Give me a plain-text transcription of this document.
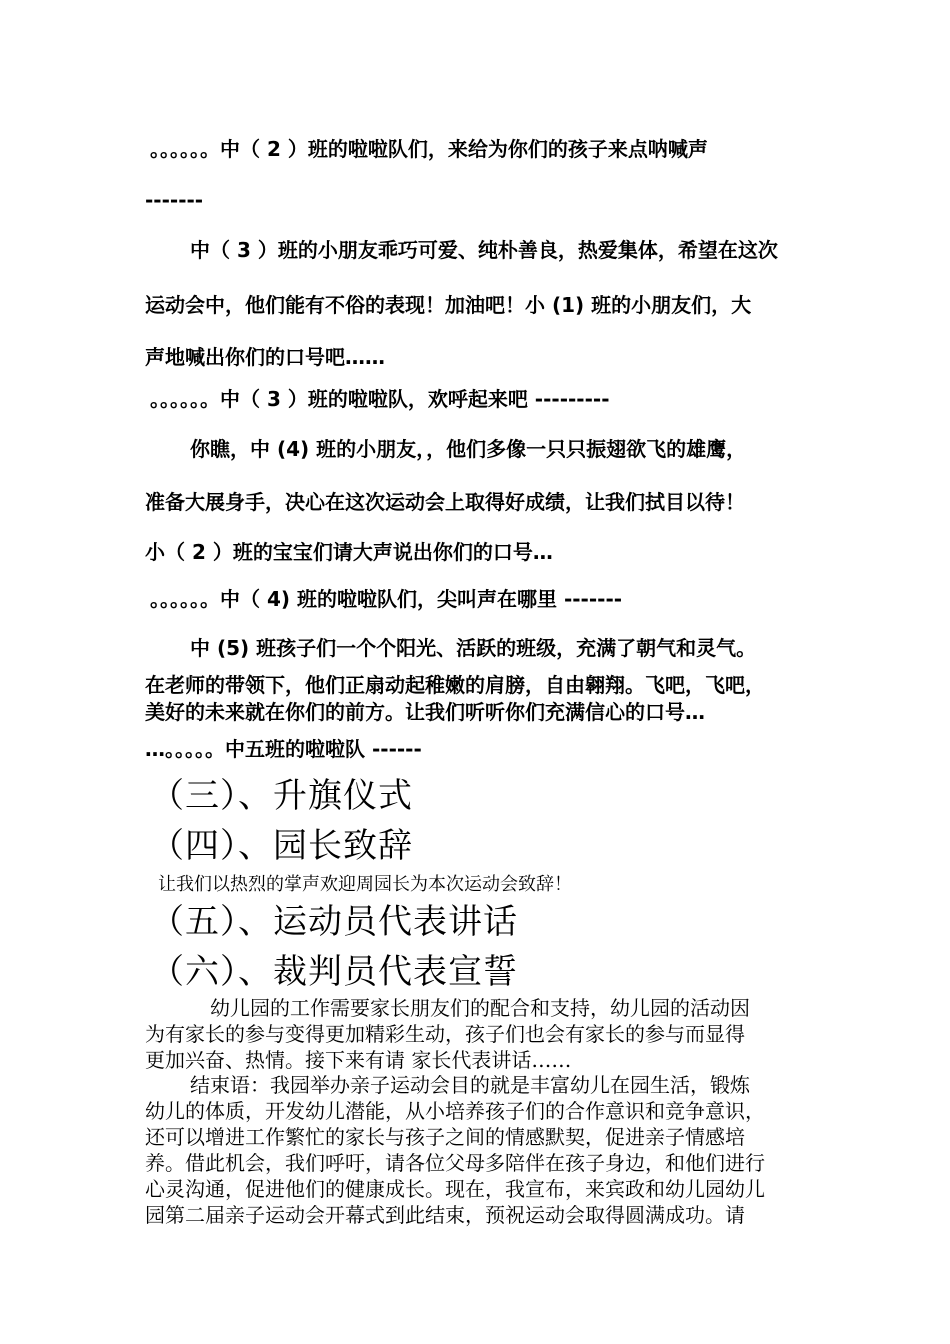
。。。。。。中（ 2 ）班的啦啦队们，来给为你们的孩子来点呐喊声
-------
中（ 3 ）班的小朋友乖巧可爱、纯朴善良，热爱集体，希望在这次
运动会中，他们能有不俗的表现！加油吧！小 (1) 班的小朋友们，大
声地喊出你们的口号吧……
。。。。。。中（ 3 ）班的啦啦队，欢呼起来吧 ---------
你瞧，中 (4) 班的小朋友，，他们多像一只只振翅欲飞的雄鹰，
准备大展身手，决心在这次运动会上取得好成绩，让我们拭目以待！
小（ 2 ）班的宝宝们请大声说出你们的口号…
。。。。。。中（ 4) 班的啦啦队们，尖叫声在哪里 -------
中 (5) 班孩子们一个个阳光、活跃的班级，充满了朝气和灵气。
在老师的带领下，他们正扇动起稚嫩的肩膀，自由翱翔。飞吧，飞吧，
美好的未来就在你们的前方。让我们听听你们充满信心的口号…
…。。。。。中五班的啦啦队 ------
（三）、升旗仪式
（四）、园长致辞
让我们以热烈的掌声欢迎周园长为本次运动会致辞！
（五）、运动员代表讲话
（六）、裁判员代表宣誓
幼儿园的工作需要家长朋友们的配合和支持，幼儿园的活动因
为有家长的参与变得更加精彩生动，孩子们也会有家长的参与而显得
更加兴奋、热情。接下来有请 家长代表讲话……
结束语：我园举办亲子运动会目的就是丰富幼儿在园生活，锻炼
幼儿的体质，开发幼儿潜能，从小培养孩子们的合作意识和竞争意识，
还可以增进工作繁忙的家长与孩子之间的情感默契，促进亲子情感培
养。借此机会，我们呼吁，请各位父母多陪伴在孩子身边，和他们进行
心灵沟通，促进他们的健康成长。现在，我宣布，来宾政和幼儿园幼儿
园第二届亲子运动会开幕式到此结束，预祝运动会取得圆满成功。请
